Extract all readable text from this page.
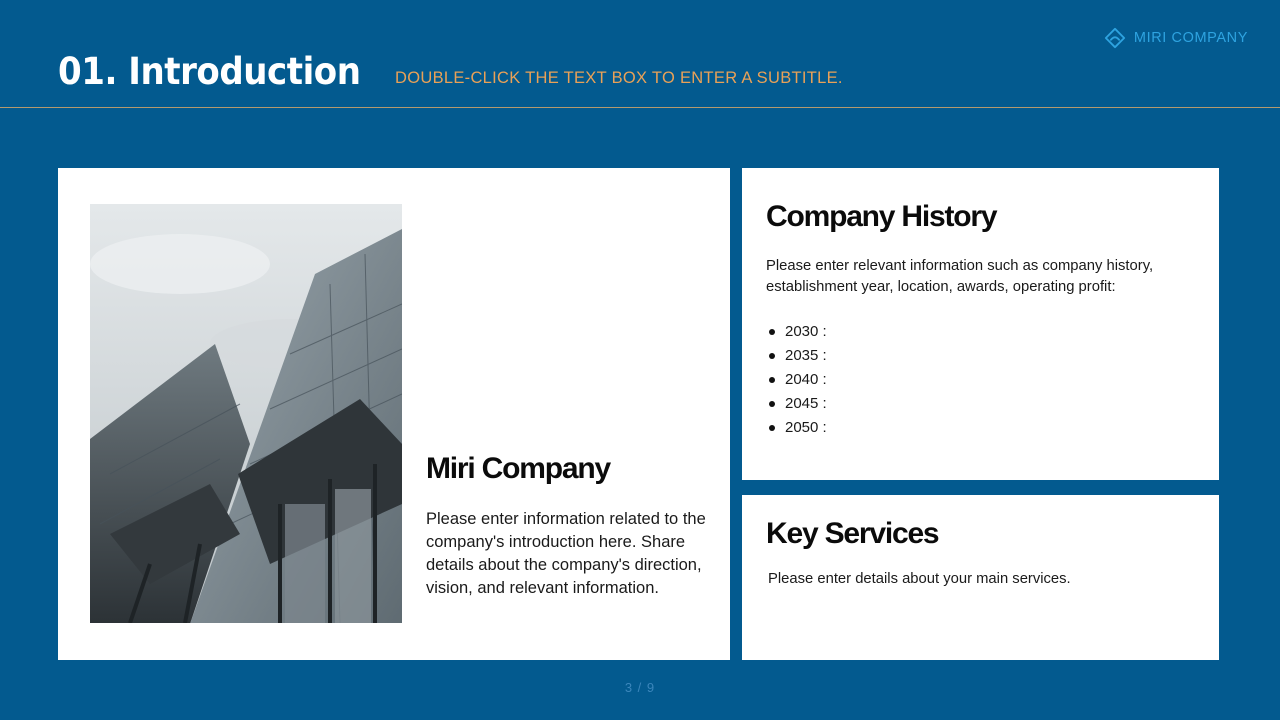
MIRI COMPANY
01. Introduction DOUBLE-CLICK THE TEXT BOX TO ENTER A SUBTITLE.
Miri Company

Please enter information related to the company's introduction here. Share details about the company's direction, vision, and relevant information.

Company History

Please enter relevant information such as company history, establishment year, location, awards, operating profit:

2030 :
2035 :
2040 :
2045 :
2050 :
Key Services

Please enter details about your main services.

3 / 9
